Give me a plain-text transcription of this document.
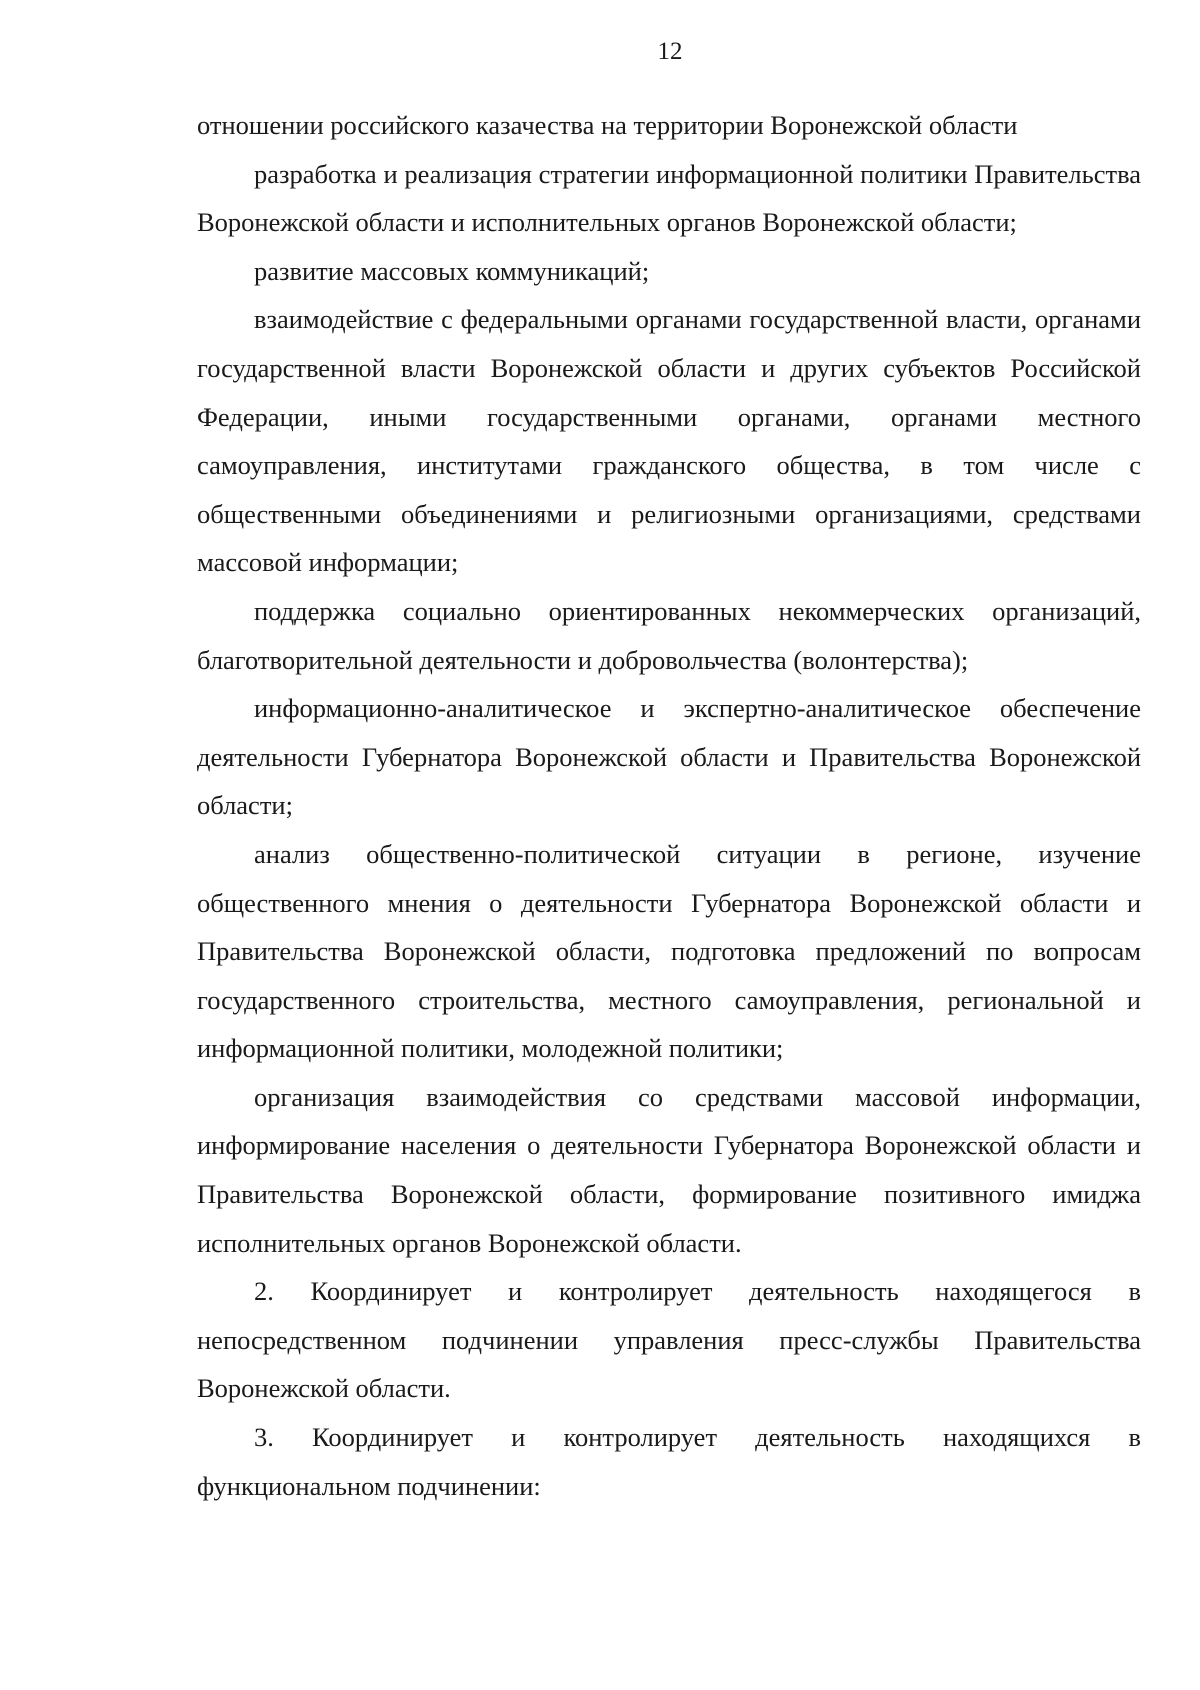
12

отношении российского казачества на территории Воронежской области

разработка и реализация стратегии информационной политики Правительства Воронежской области и исполнительных органов Воронежской области;

развитие массовых коммуникаций;

взаимодействие с федеральными органами государственной власти, органами государственной власти Воронежской области и других субъектов Российской Федерации, иными государственными органами, органами местного самоуправления, институтами гражданского общества, в том числе с общественными объединениями и религиозными организациями, средствами массовой информации;

поддержка социально ориентированных некоммерческих организаций, благотворительной деятельности и добровольчества (волонтерства);

информационно-аналитическое и экспертно-аналитическое обеспечение деятельности Губернатора Воронежской области и Правительства Воронежской области;

анализ общественно-политической ситуации в регионе, изучение общественного мнения о деятельности Губернатора Воронежской области и Правительства Воронежской области, подготовка предложений по вопросам государственного строительства, местного самоуправления, региональной и информационной политики, молодежной политики;

организация взаимодействия со средствами массовой информации, информирование населения о деятельности Губернатора Воронежской области и Правительства Воронежской области, формирование позитивного имиджа исполнительных органов Воронежской области.

2. Координирует и контролирует деятельность находящегося в непосредственном подчинении управления пресс-службы Правительства Воронежской области.

3. Координирует и контролирует деятельность находящихся в функциональном подчинении:
